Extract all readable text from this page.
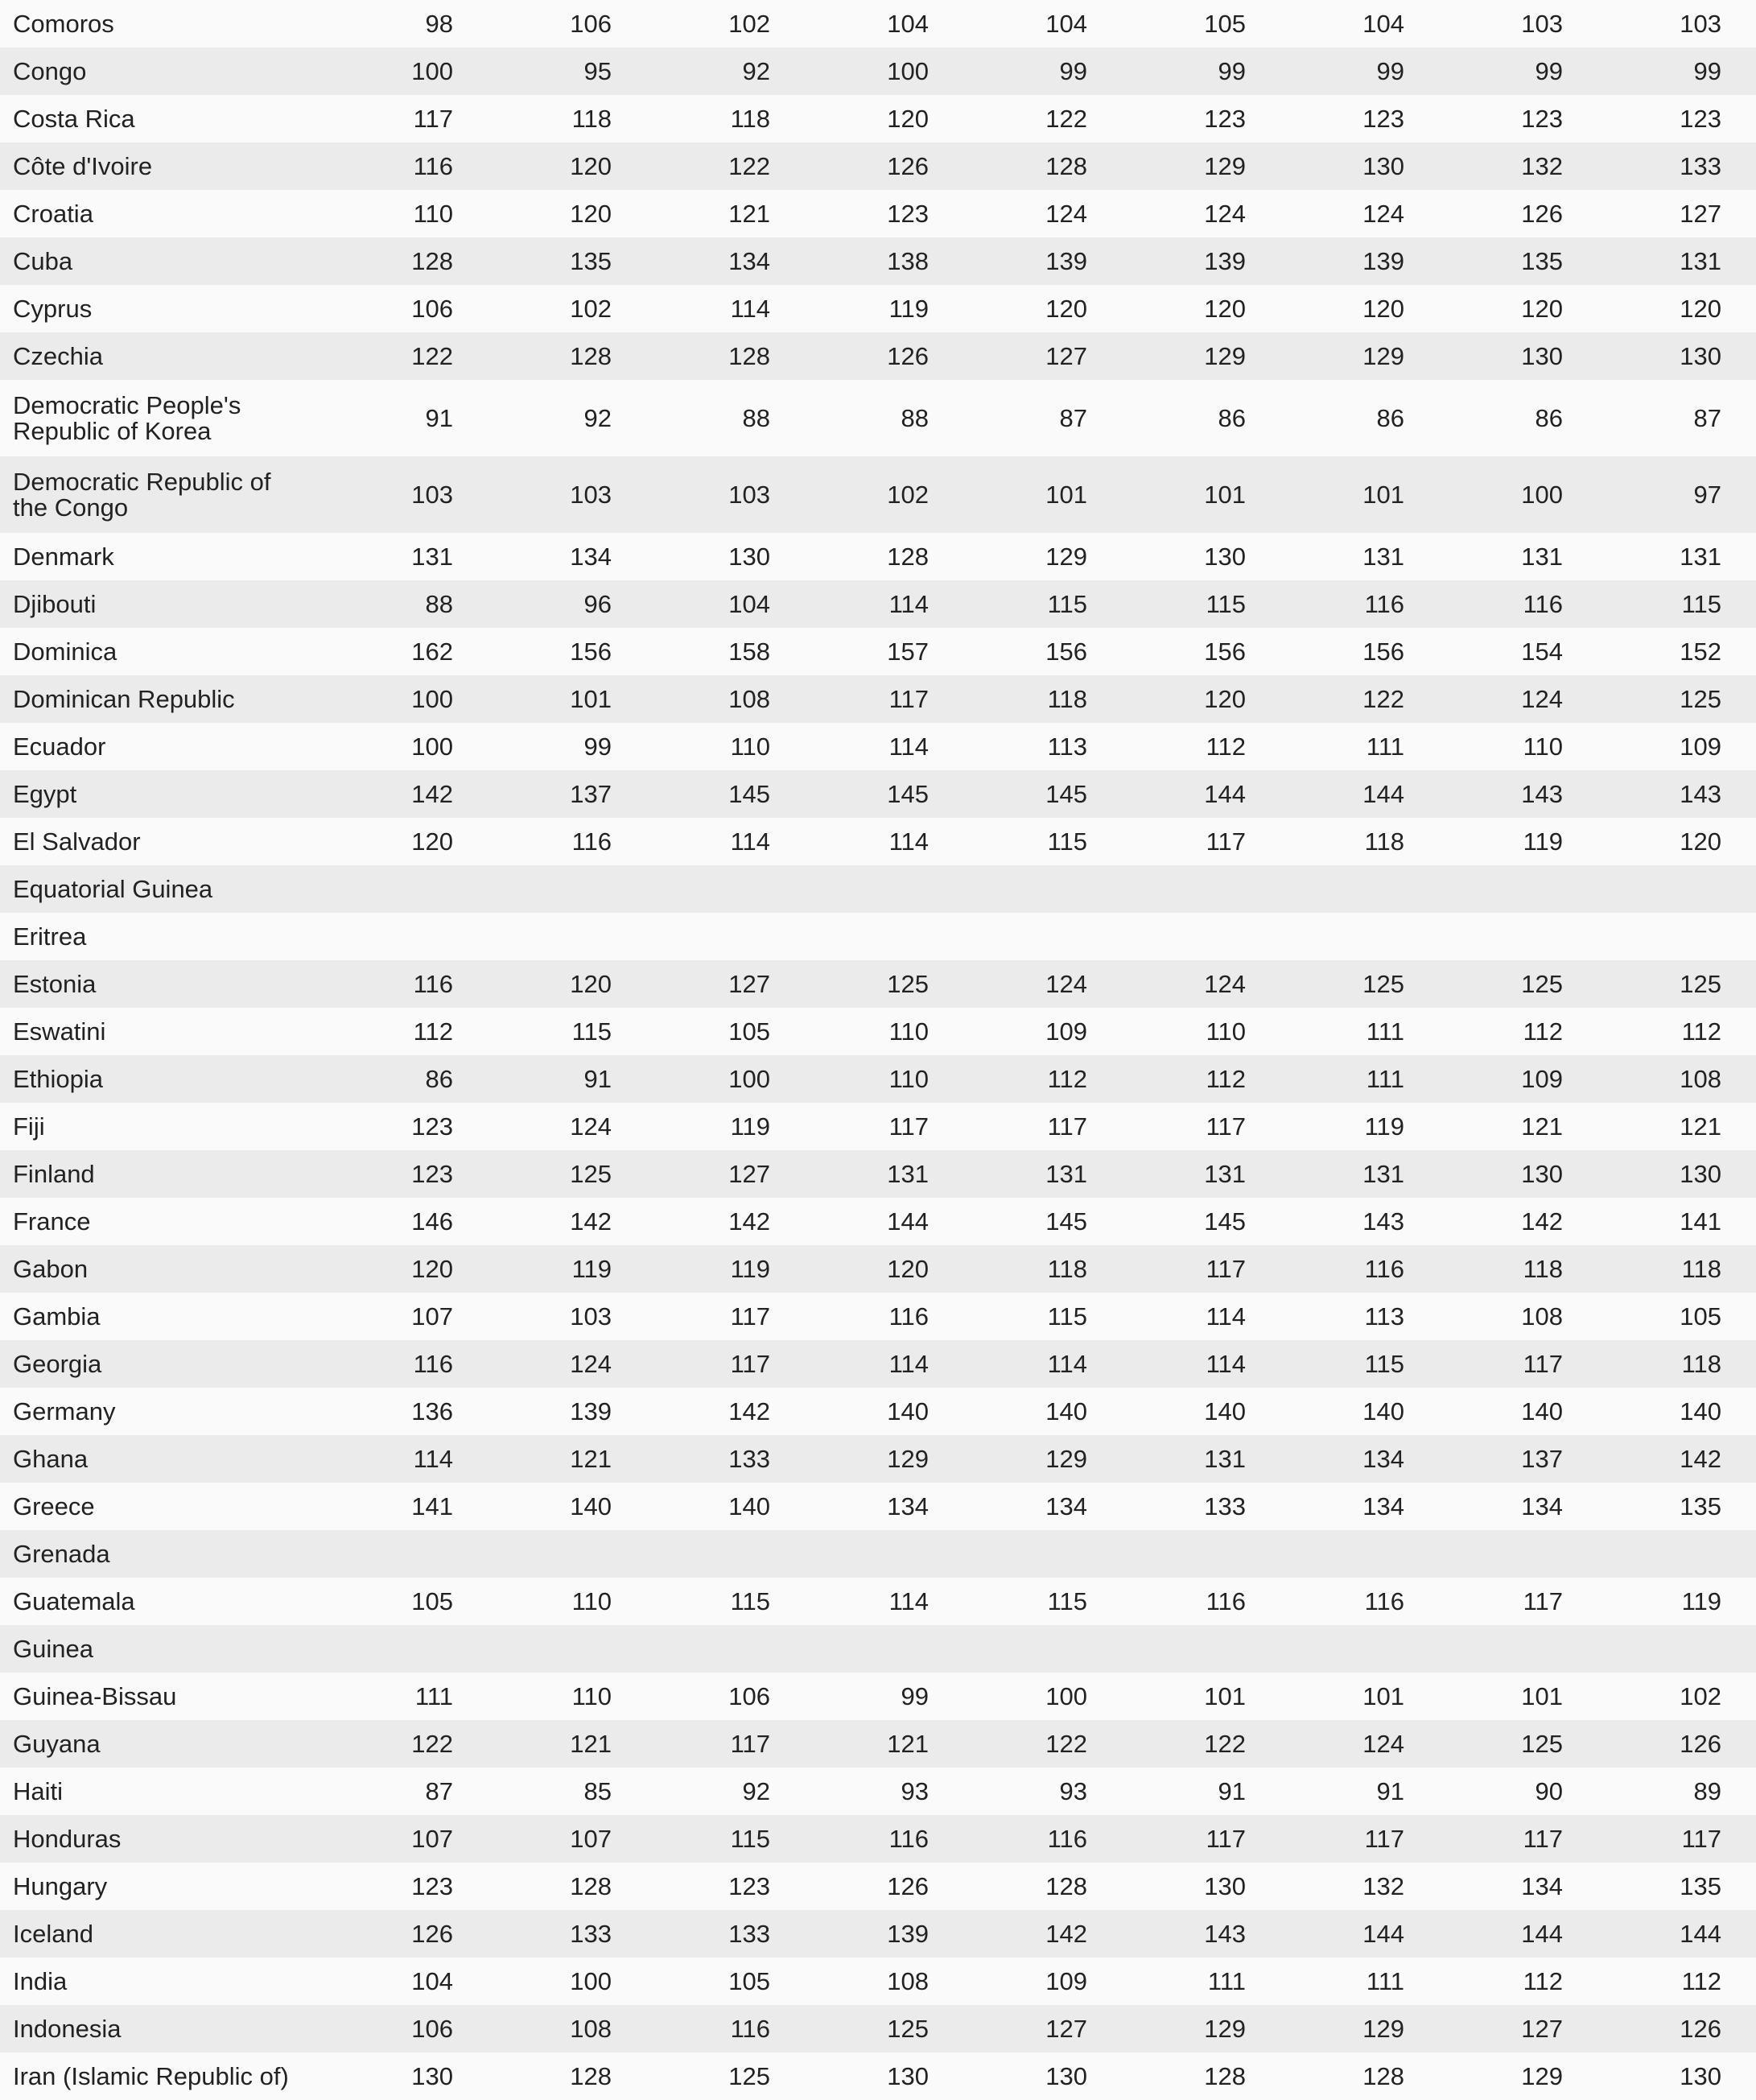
Comoros	98	106	102	104	104	105	104	103	103
Congo	100	95	92	100	99	99	99	99	99
Costa Rica	117	118	118	120	122	123	123	123	123
Côte d'Ivoire	116	120	122	126	128	129	130	132	133
Croatia	110	120	121	123	124	124	124	126	127
Cuba	128	135	134	138	139	139	139	135	131
Cyprus	106	102	114	119	120	120	120	120	120
Czechia	122	128	128	126	127	129	129	130	130
Democratic People's Republic of Korea	91	92	88	88	87	86	86	86	87
Democratic Republic of the Congo	103	103	103	102	101	101	101	100	97
Denmark	131	134	130	128	129	130	131	131	131
Djibouti	88	96	104	114	115	115	116	116	115
Dominica	162	156	158	157	156	156	156	154	152
Dominican Republic	100	101	108	117	118	120	122	124	125
Ecuador	100	99	110	114	113	112	111	110	109
Egypt	142	137	145	145	145	144	144	143	143
El Salvador	120	116	114	114	115	117	118	119	120
Equatorial Guinea
Eritrea
Estonia	116	120	127	125	124	124	125	125	125
Eswatini	112	115	105	110	109	110	111	112	112
Ethiopia	86	91	100	110	112	112	111	109	108
Fiji	123	124	119	117	117	117	119	121	121
Finland	123	125	127	131	131	131	131	130	130
France	146	142	142	144	145	145	143	142	141
Gabon	120	119	119	120	118	117	116	118	118
Gambia	107	103	117	116	115	114	113	108	105
Georgia	116	124	117	114	114	114	115	117	118
Germany	136	139	142	140	140	140	140	140	140
Ghana	114	121	133	129	129	131	134	137	142
Greece	141	140	140	134	134	133	134	134	135
Grenada
Guatemala	105	110	115	114	115	116	116	117	119
Guinea
Guinea-Bissau	111	110	106	99	100	101	101	101	102
Guyana	122	121	117	121	122	122	124	125	126
Haiti	87	85	92	93	93	91	91	90	89
Honduras	107	107	115	116	116	117	117	117	117
Hungary	123	128	123	126	128	130	132	134	135
Iceland	126	133	133	139	142	143	144	144	144
India	104	100	105	108	109	111	111	112	112
Indonesia	106	108	116	125	127	129	129	127	126
Iran (Islamic Republic of)	130	128	125	130	130	128	128	129	130
